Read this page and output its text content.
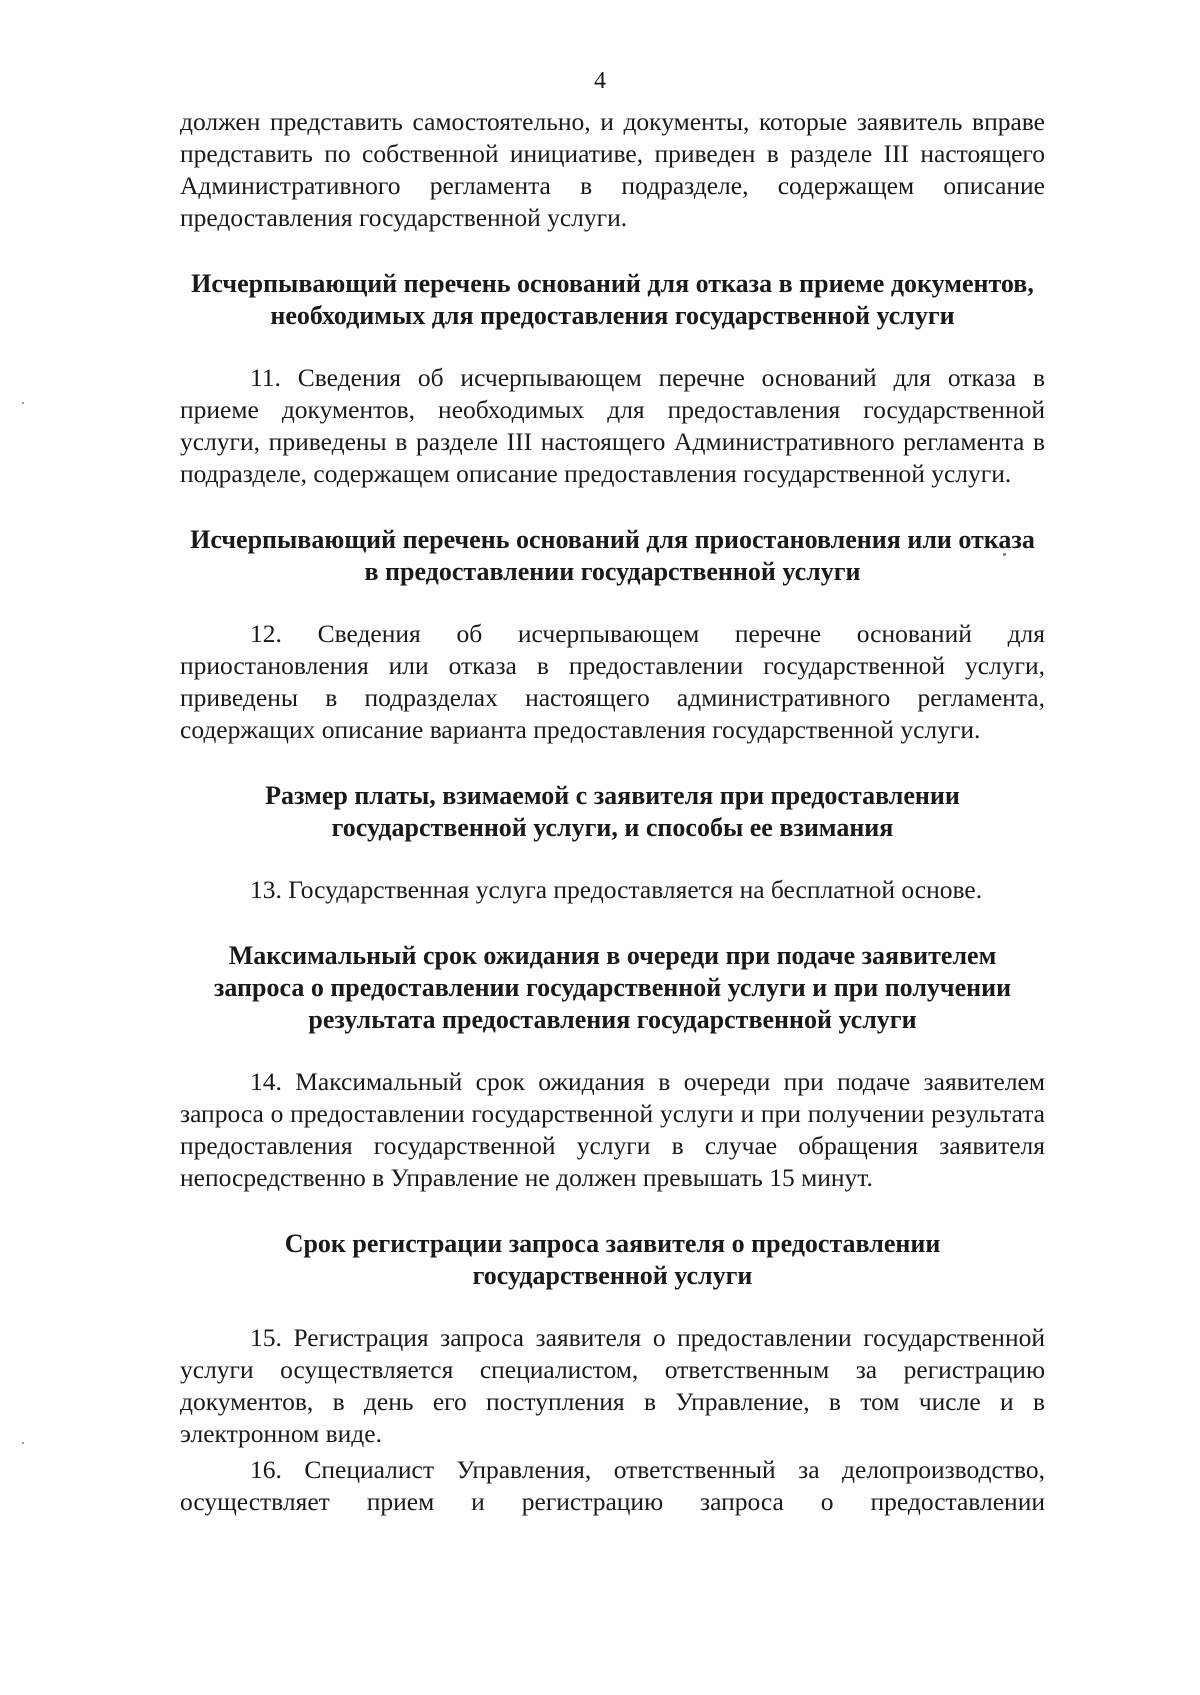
4

должен представить самостоятельно, и документы, которые заявитель вправе представить по собственной инициативе, приведен в разделе III настоящего Административного регламента в подразделе, содержащем описание предоставления государственной услуги.

Исчерпывающий перечень оснований для отказа в приеме документов, необходимых для предоставления государственной услуги

11. Сведения об исчерпывающем перечне оснований для отказа в приеме документов, необходимых для предоставления государственной услуги, приведены в разделе III настоящего Административного регламента в подразделе, содержащем описание предоставления государственной услуги.

Исчерпывающий перечень оснований для приостановления или отказа в предоставлении государственной услуги

12. Сведения об исчерпывающем перечне оснований для приостановления или отказа в предоставлении государственной услуги, приведены в подразделах настоящего административного регламента, содержащих описание варианта предоставления государственной услуги.

Размер платы, взимаемой с заявителя при предоставлении государственной услуги, и способы ее взимания

13. Государственная услуга предоставляется на бесплатной основе.

Максимальный срок ожидания в очереди при подаче заявителем запроса о предоставлении государственной услуги и при получении результата предоставления государственной услуги

14. Максимальный срок ожидания в очереди при подаче заявителем запроса о предоставлении государственной услуги и при получении результата предоставления государственной услуги в случае обращения заявителя непосредственно в Управление не должен превышать 15 минут.

Срок регистрации запроса заявителя о предоставлении государственной услуги

15. Регистрация запроса заявителя о предоставлении государственной услуги осуществляется специалистом, ответственным за регистрацию документов, в день его поступления в Управление, в том числе и в электронном виде.

16. Специалист Управления, ответственный за делопроизводство, осуществляет прием и регистрацию запроса о предоставлении
